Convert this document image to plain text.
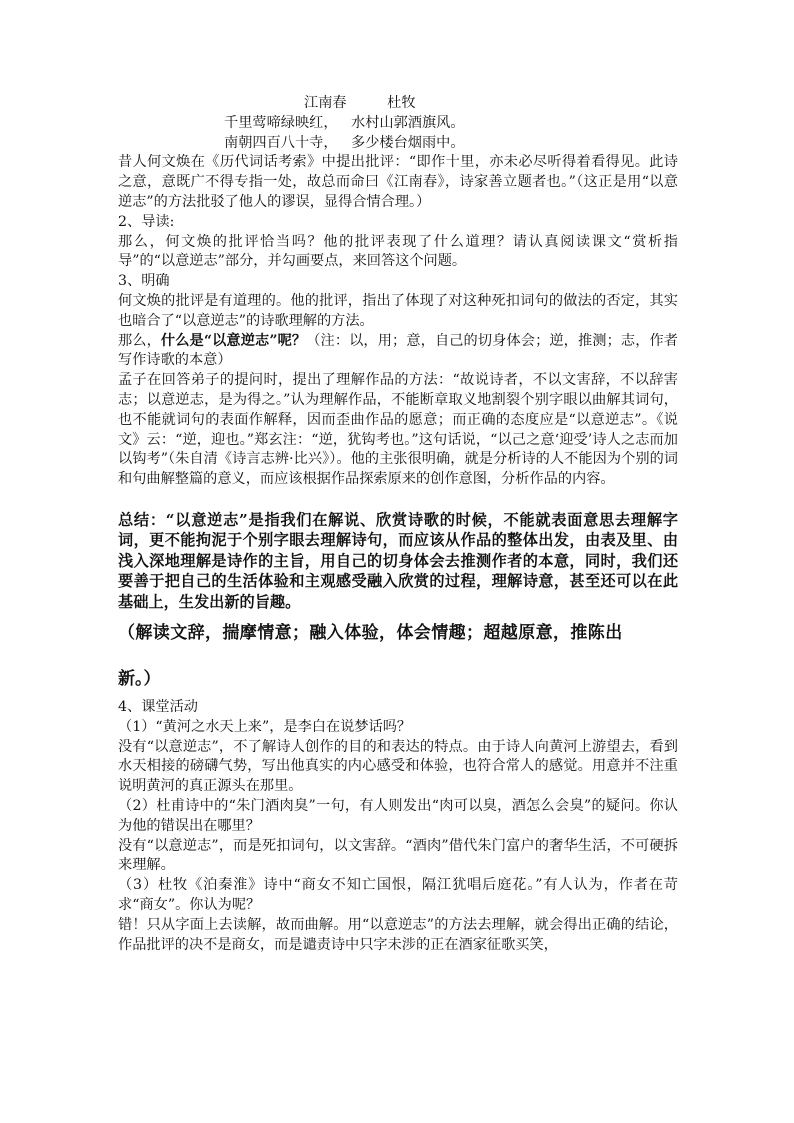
江南春         杜牧

千里莺啼绿映红，   水村山郭酒旗风。

南朝四百八十寺，   多少楼台烟雨中。

昔人何文焕在《历代词话考索》中提出批评：“即作十里，亦未必尽听得着看得见。此诗之意，意既广不得专指一处，故总而命曰《江南春》，诗家善立题者也。”（这正是用“以意逆志”的方法批驳了他人的谬误，显得合情合理。）

2、导读:

那么，何文焕的批评恰当吗？他的批评表现了什么道理？请认真阅读课文“赏析指导”的“以意逆志”部分，并勾画要点，来回答这个问题。

3、明确

何文焕的批评是有道理的。他的批评，指出了体现了对这种死扣词句的做法的否定，其实也暗合了“以意逆志”的诗歌理解的方法。

那么，什么是“以意逆志”呢？（注：以，用；意，自己的切身体会；逆，推测；志，作者写作诗歌的本意）

孟子在回答弟子的提问时，提出了理解作品的方法：“故说诗者，不以文害辞，不以辞害志；以意逆志，是为得之。”认为理解作品，不能断章取义地割裂个别字眼以曲解其词句，也不能就词句的表面作解释，因而歪曲作品的愿意；而正确的态度应是“以意逆志”。《说文》云：“逆，迎也。”郑玄注：“逆，犹钩考也。”这句话说，“以己之意‘迎受’诗人之志而加以钩考”（朱自清《诗言志辨·比兴》）。他的主张很明确，就是分析诗的人不能因为个别的词和句曲解整篇的意义，而应该根据作品探索原来的创作意图，分析作品的内容。

总结：“以意逆志”是指我们在解说、欣赏诗歌的时候，不能就表面意思去理解字词，更不能拘泥于个别字眼去理解诗句，而应该从作品的整体出发，由表及里、由浅入深地理解是诗作的主旨，用自己的切身体会去推测作者的本意，同时，我们还要善于把自己的生活体验和主观感受融入欣赏的过程，理解诗意，甚至还可以在此基础上，生发出新的旨趣。

（解读文辞，揣摩情意；融入体验，体会情趣；超越原意，推陈出

新。）

4、课堂活动

（1）“黄河之水天上来”，是李白在说梦话吗？

没有“以意逆志”，不了解诗人创作的目的和表达的特点。由于诗人向黄河上游望去，看到水天相接的磅礴气势，写出他真实的内心感受和体验，也符合常人的感觉。用意并不注重说明黄河的真正源头在那里。

（2）杜甫诗中的“朱门酒肉臭”一句，有人则发出“肉可以臭，酒怎么会臭”的疑问。你认为他的错误出在哪里？

没有“以意逆志”，而是死扣词句，以文害辞。“酒肉”借代朱门富户的奢华生活，不可硬拆来理解。

（3）杜牧《泊秦淮》诗中“商女不知亡国恨，隔江犹唱后庭花。”有人认为，作者在苛求“商女”。你认为呢？

错！只从字面上去读解，故而曲解。用“以意逆志”的方法去理解，就会得出正确的结论，作品批评的决不是商女，而是谴责诗中只字未涉的正在酒家征歌买笑，
